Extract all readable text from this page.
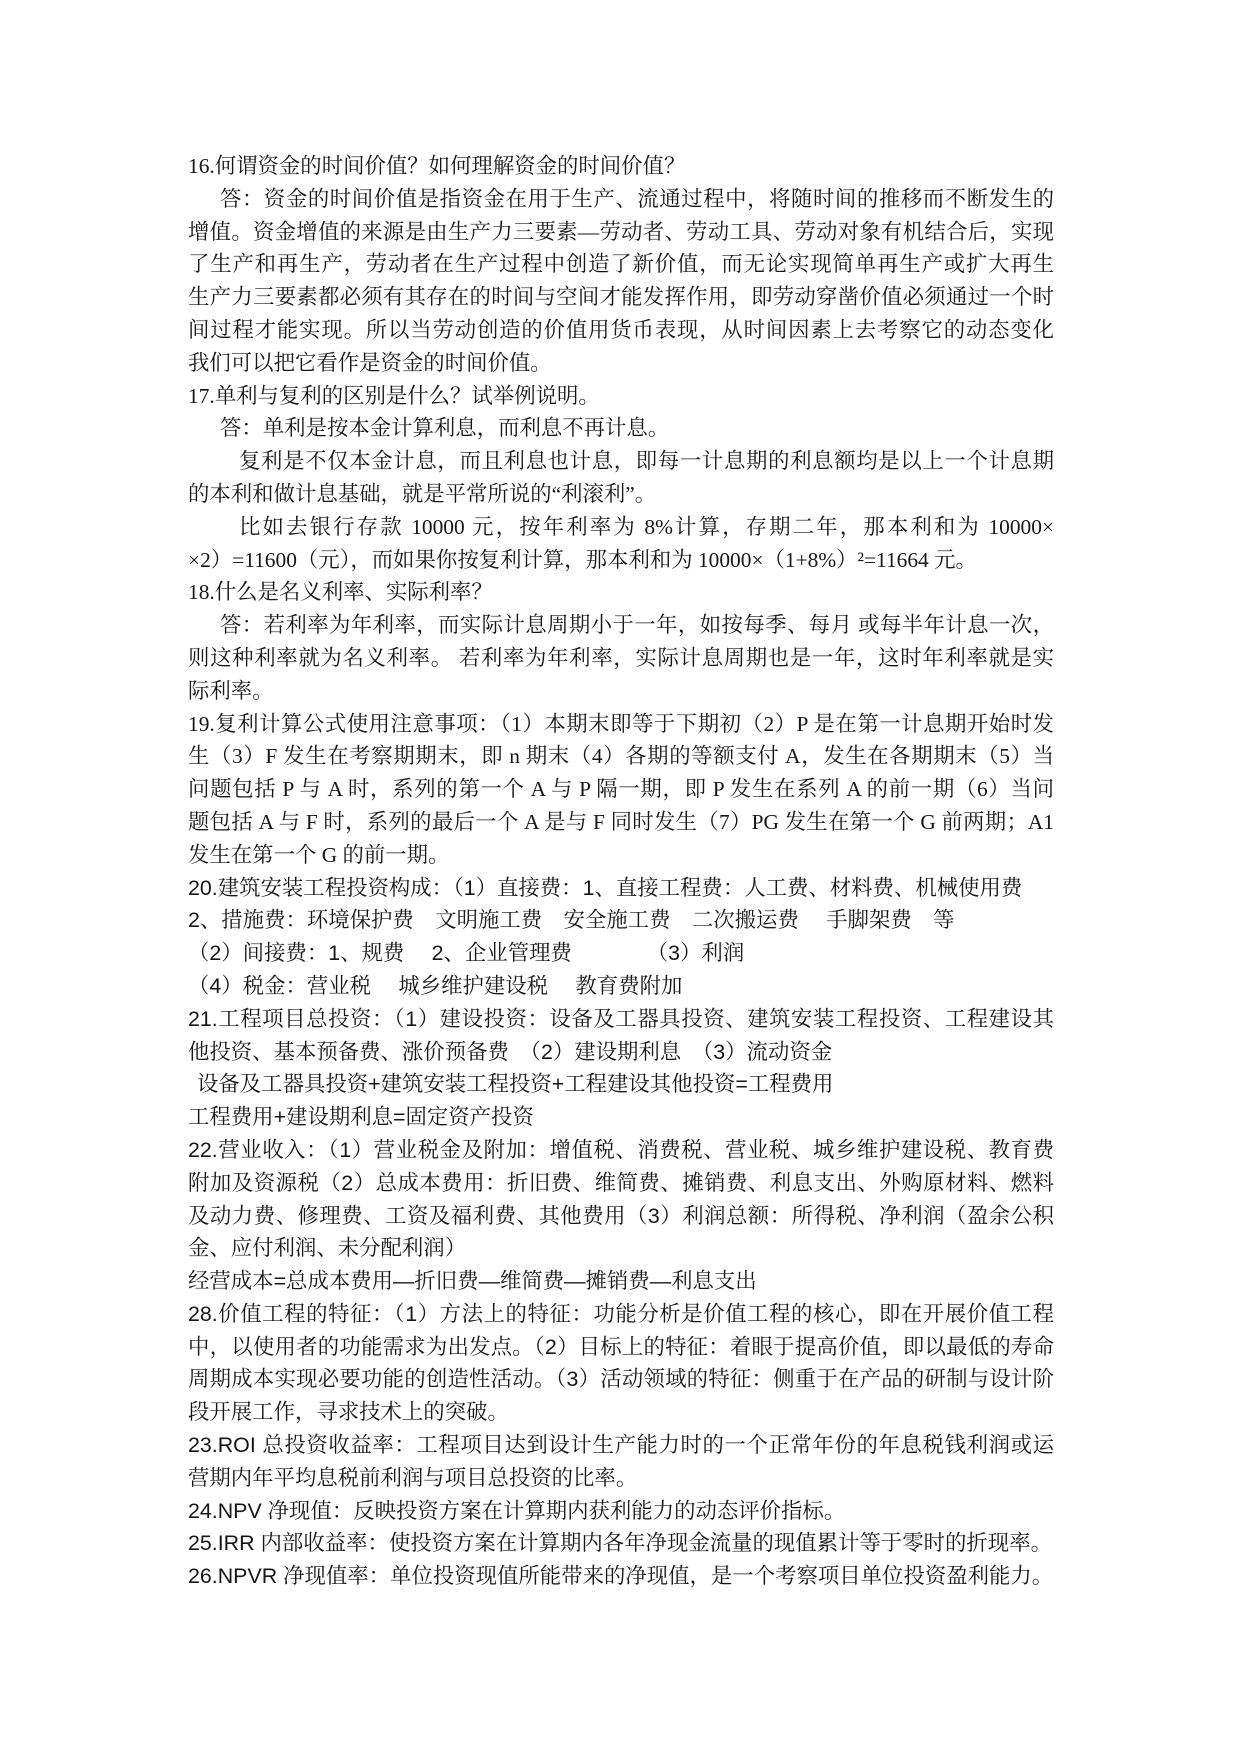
16.何谓资金的时间价值？如何理解资金的时间价值？
答：资金的时间价值是指资金在用于生产、流通过程中，将随时间的推移而不断发生的
增值。资金增值的来源是由生产力三要素—劳动者、劳动工具、劳动对象有机结合后，实现
了生产和再生产，劳动者在生产过程中创造了新价值，而无论实现简单再生产或扩大再生
生产力三要素都必须有其存在的时间与空间才能发挥作用，即劳动穿凿价值必须通过一个时
间过程才能实现。所以当劳动创造的价值用货币表现，从时间因素上去考察它的动态变化
我们可以把它看作是资金的时间价值。
17.单利与复利的区别是什么？试举例说明。
答：单利是按本金计算利息，而利息不再计息。
复利是不仅本金计息，而且利息也计息，即每一计息期的利息额均是以上一个计息期
的本利和做计息基础，就是平常所说的“利滚利”。
比如去银行存款 10000 元，按年利率为 8%计算，存期二年，那本利和为 10000×
×2）=11600（元），而如果你按复利计算，那本利和为 10000×（1+8%）²=11664 元。
18.什么是名义利率、实际利率？
答：若利率为年利率，而实际计息周期小于一年，如按每季、每月 或每半年计息一次，
则这种利率就为名义利率。 若利率为年利率，实际计息周期也是一年，这时年利率就是实
际利率。
19.复利计算公式使用注意事项：（1）本期末即等于下期初（2）P 是在第一计息期开始时发
生（3）F 发生在考察期期末，即 n 期末（4）各期的等额支付 A，发生在各期期末（5）当
问题包括 P 与 A 时，系列的第一个 A 与 P 隔一期，即 P 发生在系列 A 的前一期（6）当问
题包括 A 与 F 时，系列的最后一个 A 是与 F 同时发生（7）PG 发生在第一个 G 前两期；A1
发生在第一个 G 的前一期。
20.建筑安装工程投资构成：（1）直接费：1、直接工程费：人工费、材料费、机械使用费
2、措施费：环境保护费　文明施工费　安全施工费　二次搬运费　 手脚架费　等
（2）间接费：1、规费　 2、企业管理费　　　　（3）利润
（4）税金：营业税　 城乡维护建设税　 教育费附加
21.工程项目总投资：（1）建设投资：设备及工器具投资、建筑安装工程投资、工程建设其
他投资、基本预备费、涨价预备费　（2）建设期利息　（3）流动资金
设备及工器具投资+建筑安装工程投资+工程建设其他投资=工程费用
工程费用+建设期利息=固定资产投资
22.营业收入：（1）营业税金及附加：增值税、消费税、营业税、城乡维护建设税、教育费
附加及资源税（2）总成本费用：折旧费、维简费、摊销费、利息支出、外购原材料、燃料
及动力费、修理费、工资及福利费、其他费用（3）利润总额：所得税、净利润（盈余公积
金、应付利润、未分配利润）
经营成本=总成本费用—折旧费—维简费—摊销费—利息支出
28.价值工程的特征：（1）方法上的特征：功能分析是价值工程的核心，即在开展价值工程
中，以使用者的功能需求为出发点。（2）目标上的特征：着眼于提高价值，即以最低的寿命
周期成本实现必要功能的创造性活动。（3）活动领域的特征：侧重于在产品的研制与设计阶
段开展工作，寻求技术上的突破。
23.ROI 总投资收益率：工程项目达到设计生产能力时的一个正常年份的年息税钱利润或运
营期内年平均息税前利润与项目总投资的比率。
24.NPV 净现值：反映投资方案在计算期内获利能力的动态评价指标。
25.IRR 内部收益率：使投资方案在计算期内各年净现金流量的现值累计等于零时的折现率。
26.NPVR 净现值率：单位投资现值所能带来的净现值，是一个考察项目单位投资盈利能力。
